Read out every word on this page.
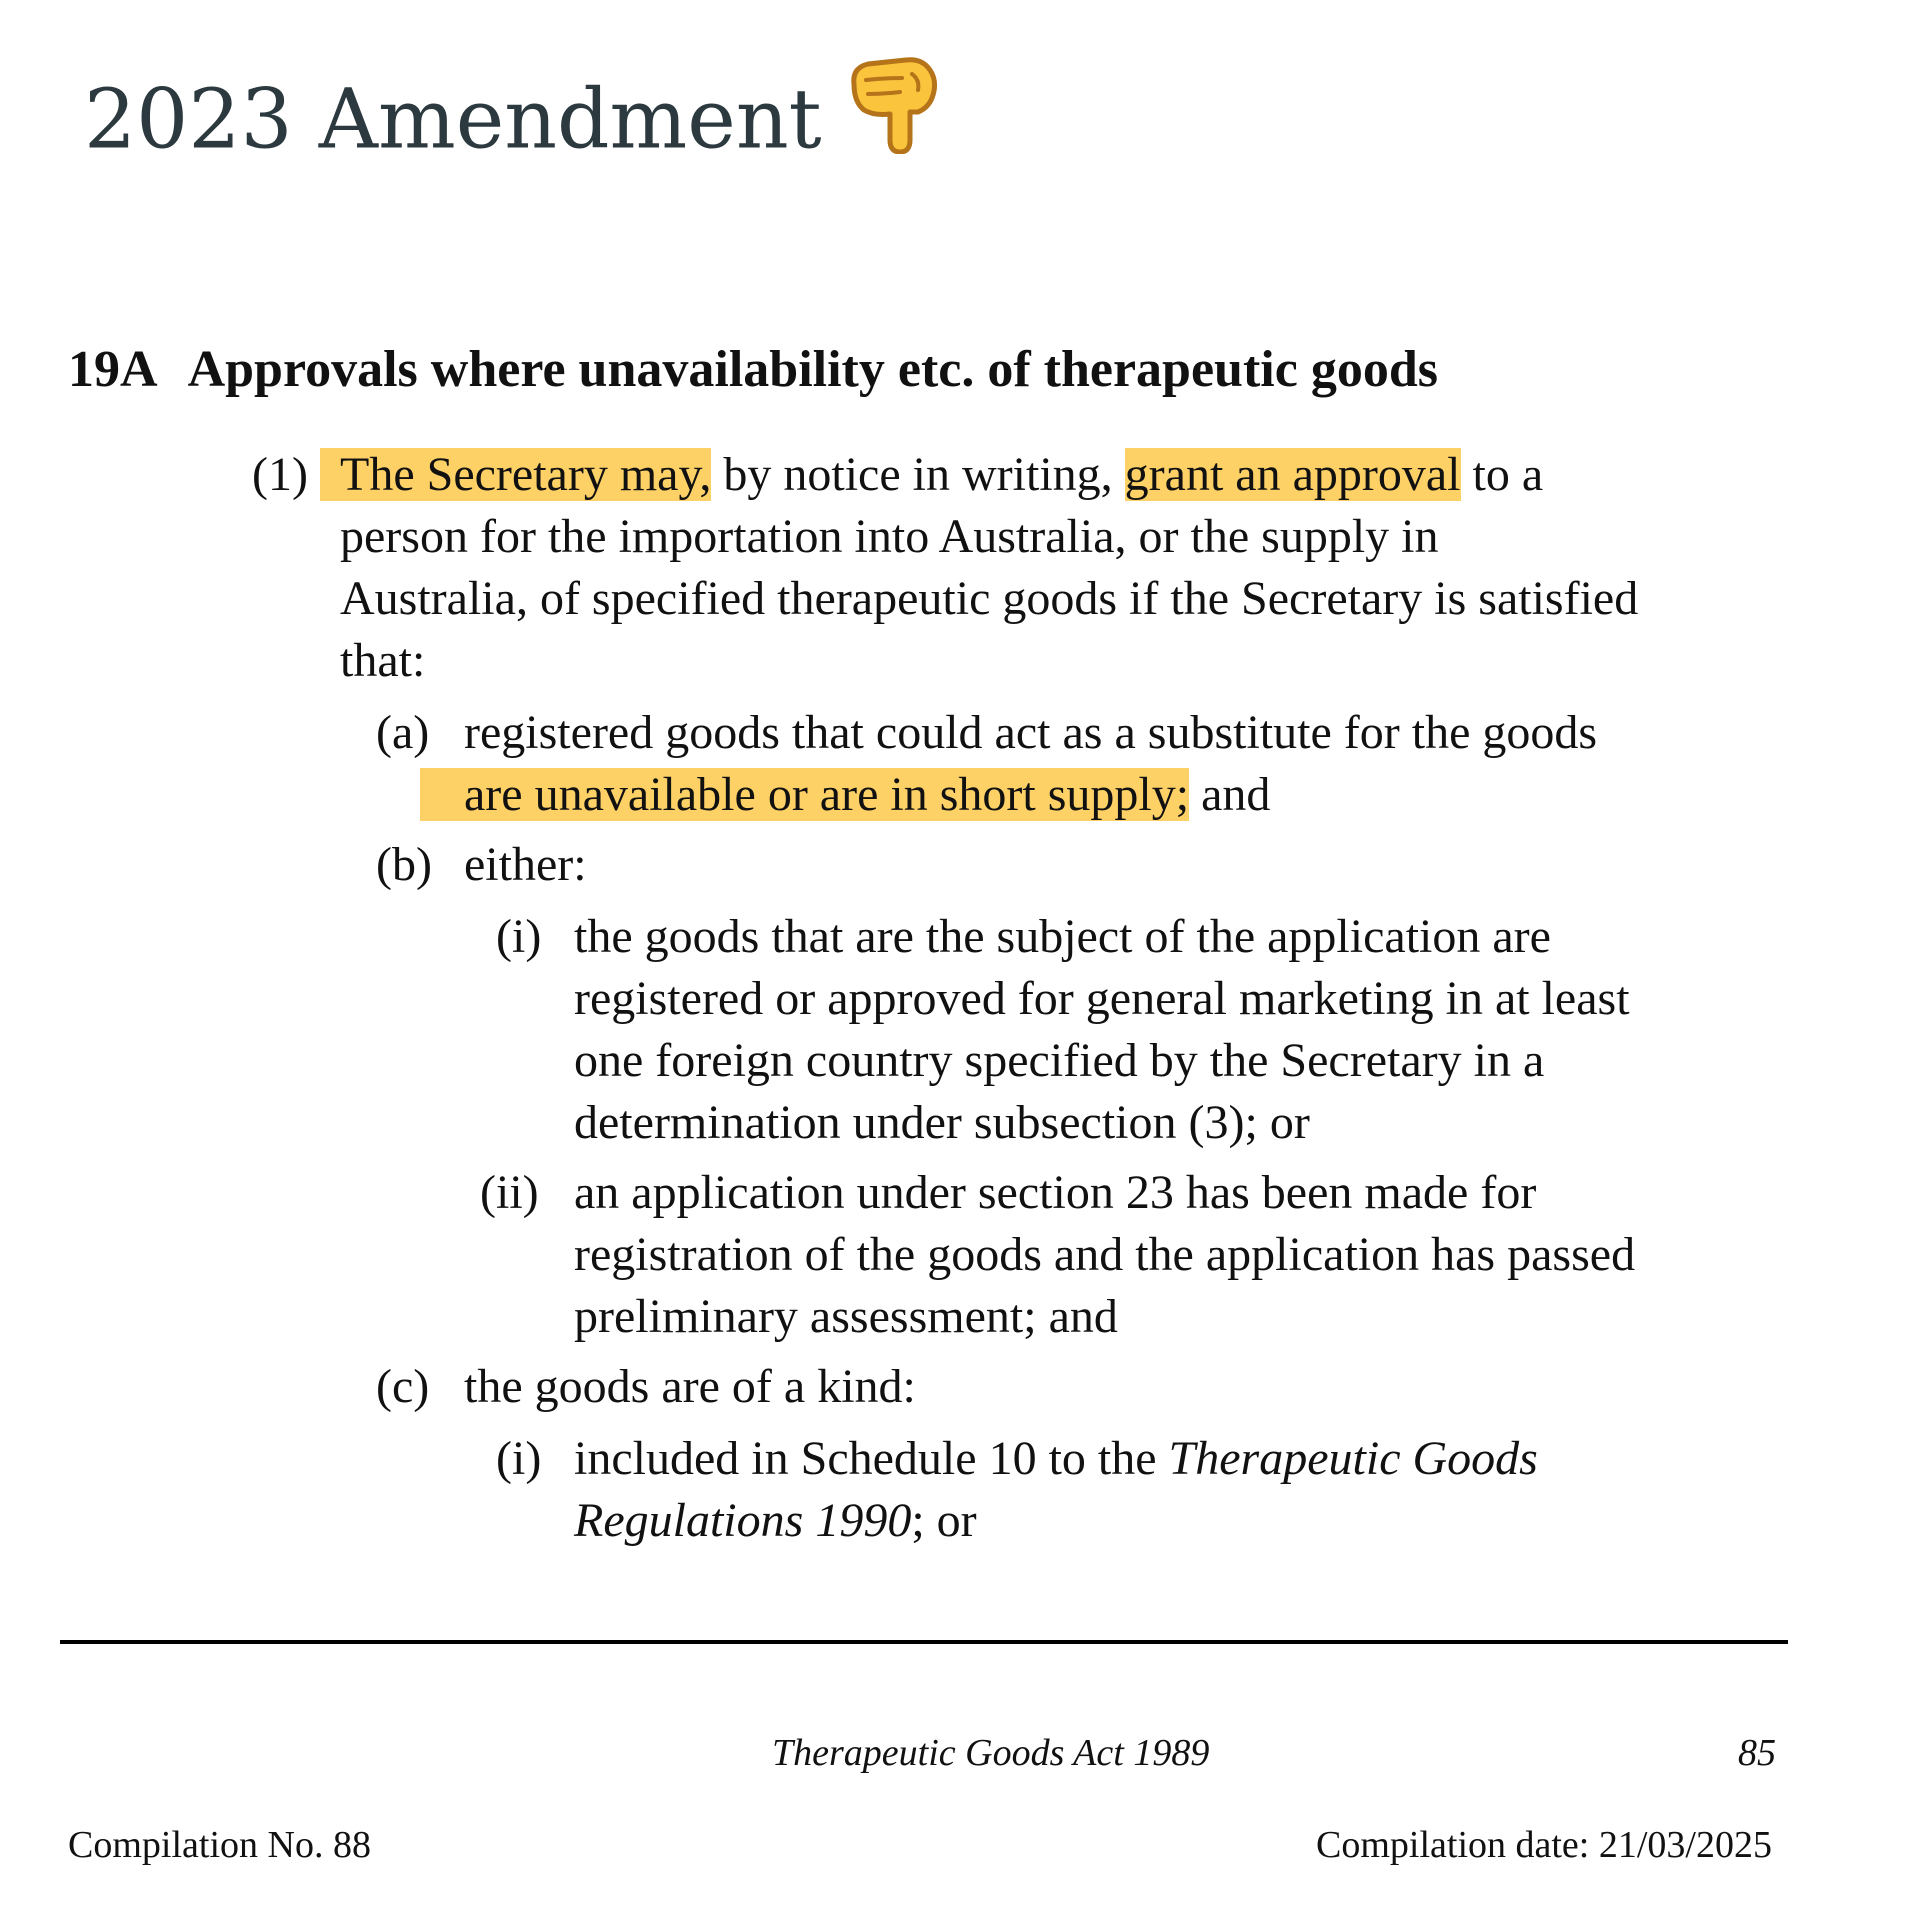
2023 Amendment
19A Approvals where unavailability etc. of therapeutic goods
(1) The Secretary may, by notice in writing, grant an approval to a
person for the importation into Australia, or the supply in
Australia, of specified therapeutic goods if the Secretary is satisfied
that:
(a) registered goods that could act as a substitute for the goods
are unavailable or are in short supply; and
(b) either:
(i) the goods that are the subject of the application are
registered or approved for general marketing in at least
one foreign country specified by the Secretary in a
determination under subsection (3); or
(ii) an application under section 23 has been made for
registration of the goods and the application has passed
preliminary assessment; and
(c) the goods are of a kind:
(i) included in Schedule 10 to the Therapeutic Goods
Regulations 1990; or
Therapeutic Goods Act 1989	85
Compilation No. 88	Compilation date: 21/03/2025
